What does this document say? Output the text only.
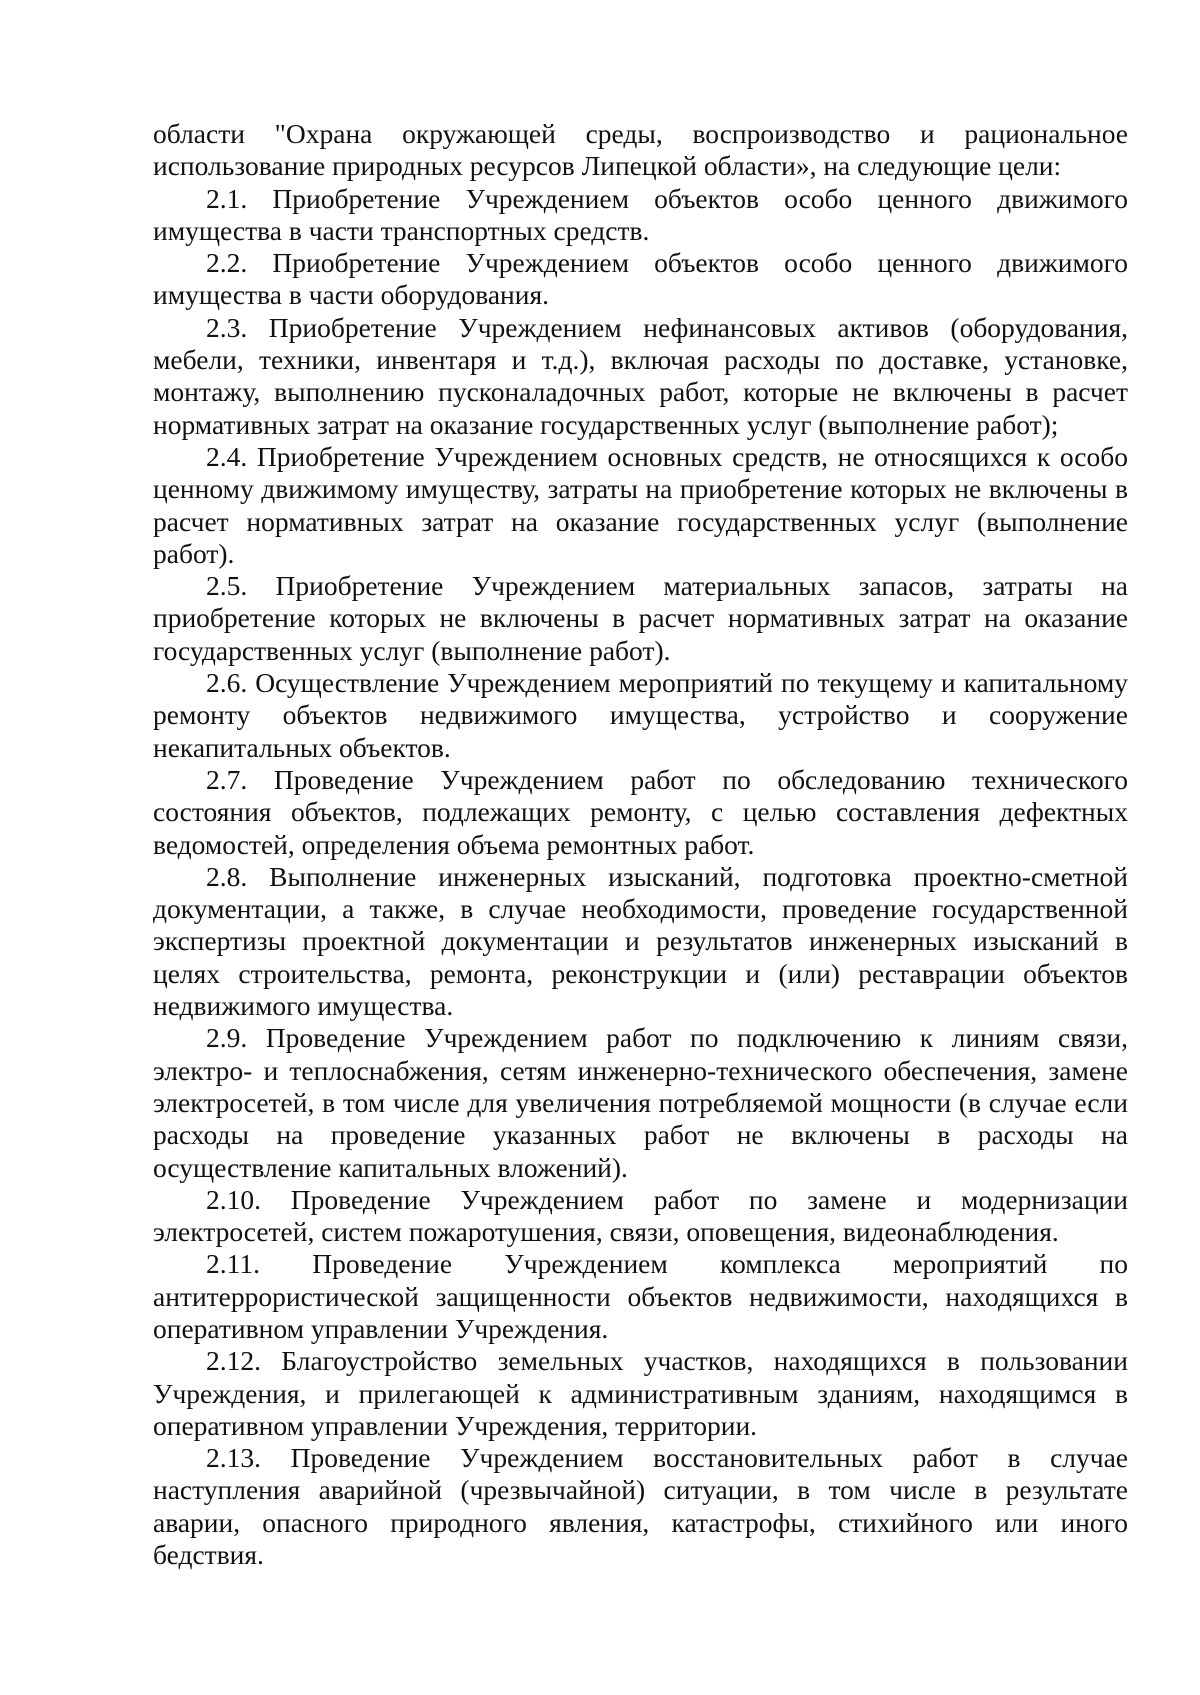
области "Охрана окружающей среды, воспроизводство и рациональное использование природных ресурсов Липецкой области», на следующие цели:

2.1. Приобретение Учреждением объектов особо ценного движимого имущества в части транспортных средств.

2.2. Приобретение Учреждением объектов особо ценного движимого имущества в части оборудования.

2.3. Приобретение Учреждением нефинансовых активов (оборудования, мебели, техники, инвентаря и т.д.), включая расходы по доставке, установке, монтажу, выполнению пусконаладочных работ, которые не включены в расчет нормативных затрат на оказание государственных услуг (выполнение работ);

2.4. Приобретение Учреждением основных средств, не относящихся к особо ценному движимому имуществу, затраты на приобретение которых не включены в расчет нормативных затрат на оказание государственных услуг (выполнение работ).

2.5. Приобретение Учреждением материальных запасов, затраты на приобретение которых не включены в расчет нормативных затрат на оказание государственных услуг (выполнение работ).

2.6. Осуществление Учреждением мероприятий по текущему и капитальному ремонту объектов недвижимого имущества, устройство и сооружение некапитальных объектов.

2.7. Проведение Учреждением работ по обследованию технического состояния объектов, подлежащих ремонту, с целью составления дефектных ведомостей, определения объема ремонтных работ.

2.8. Выполнение инженерных изысканий, подготовка проектно-сметной документации, а также, в случае необходимости, проведение государственной экспертизы проектной документации и результатов инженерных изысканий в целях строительства, ремонта, реконструкции и (или) реставрации объектов недвижимого имущества.

2.9. Проведение Учреждением работ по подключению к линиям связи, электро- и теплоснабжения, сетям инженерно-технического обеспечения, замене электросетей, в том числе для увеличения потребляемой мощности (в случае если расходы на проведение указанных работ не включены в расходы на осуществление капитальных вложений).

2.10. Проведение Учреждением работ по замене и модернизации электросетей, систем пожаротушения, связи, оповещения, видеонаблюдения.

2.11. Проведение Учреждением комплекса мероприятий по антитеррористической защищенности объектов недвижимости, находящихся в оперативном управлении Учреждения.

2.12. Благоустройство земельных участков, находящихся в пользовании Учреждения, и прилегающей к административным зданиям, находящимся в оперативном управлении Учреждения, территории.

2.13. Проведение Учреждением восстановительных работ в случае наступления аварийной (чрезвычайной) ситуации, в том числе в результате аварии, опасного природного явления, катастрофы, стихийного или иного бедствия.
